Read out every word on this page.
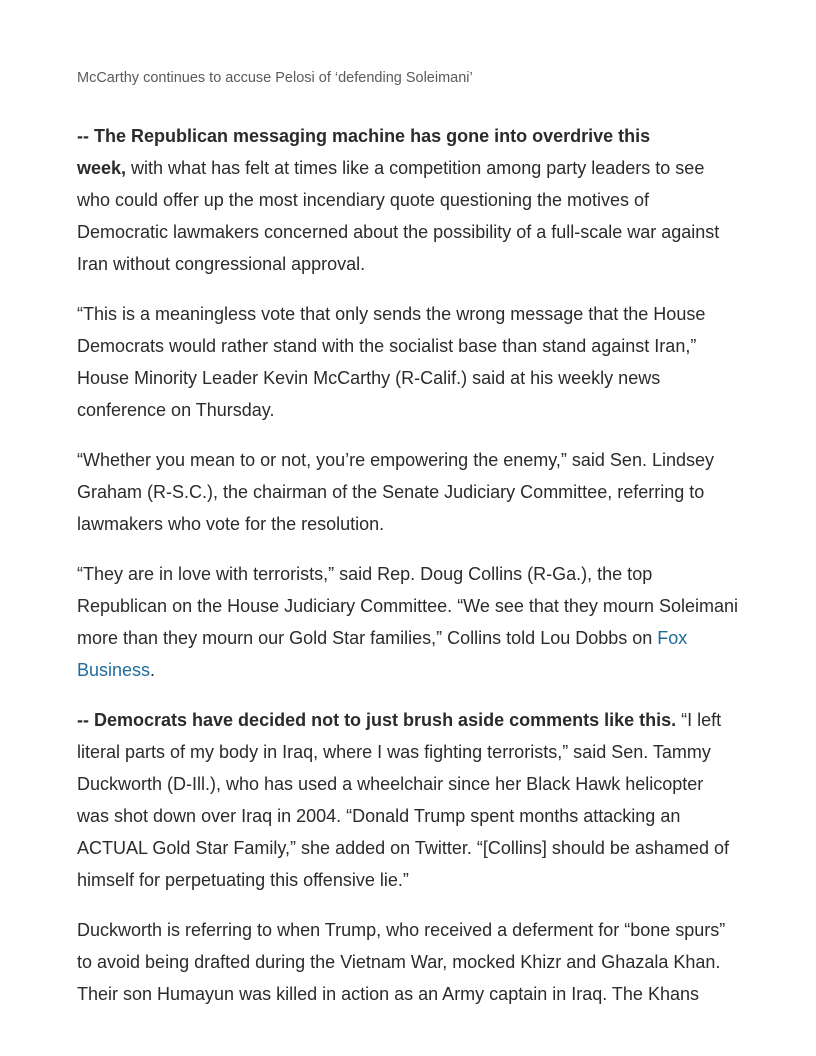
McCarthy continues to accuse Pelosi of ‘defending Soleimani’
-- The Republican messaging machine has gone into overdrive this
week, with what has felt at times like a competition among party leaders to see
who could offer up the most incendiary quote questioning the motives of
Democratic lawmakers concerned about the possibility of a full-scale war against
Iran without congressional approval.
“This is a meaningless vote that only sends the wrong message that the House
Democrats would rather stand with the socialist base than stand against Iran,”
House Minority Leader Kevin McCarthy (R-Calif.) said at his weekly news
conference on Thursday.
“Whether you mean to or not, you’re empowering the enemy,” said Sen. Lindsey
Graham (R-S.C.), the chairman of the Senate Judiciary Committee, referring to
lawmakers who vote for the resolution.
“They are in love with terrorists,” said Rep. Doug Collins (R-Ga.), the top
Republican on the House Judiciary Committee. “We see that they mourn Soleimani
more than they mourn our Gold Star families,” Collins told Lou Dobbs on Fox
Business.
-- Democrats have decided not to just brush aside comments like this. “I left
literal parts of my body in Iraq, where I was fighting terrorists,” said Sen. Tammy
Duckworth (D-Ill.), who has used a wheelchair since her Black Hawk helicopter
was shot down over Iraq in 2004. “Donald Trump spent months attacking an
ACTUAL Gold Star Family,” she added on Twitter. “[Collins] should be ashamed of
himself for perpetuating this offensive lie.”
Duckworth is referring to when Trump, who received a deferment for “bone spurs”
to avoid being drafted during the Vietnam War, mocked Khizr and Ghazala Khan.
Their son Humayun was killed in action as an Army captain in Iraq. The Khans
